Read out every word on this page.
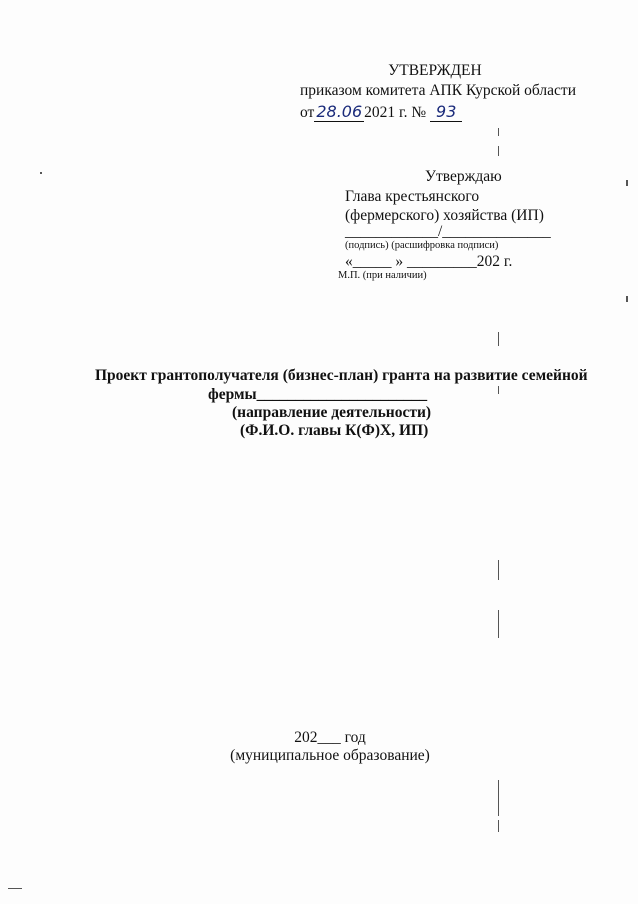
УТВЕРЖДЕН
приказом комитета АПК Курской области
от 28.06 2021 г. № 93
Утверждаю
Глава крестьянского
(фермерского) хозяйства (ИП)
____________/______________
(подпись) (расшифровка подписи)
«_____ » _________202 г.
М.П. (при наличии)
Проект грантополучателя (бизнес-план) гранта на развитие семейной
фермы______________________
(направление деятельности)
(Ф.И.О. главы К(Ф)Х, ИП)
202___ год
(муниципальное образование)
